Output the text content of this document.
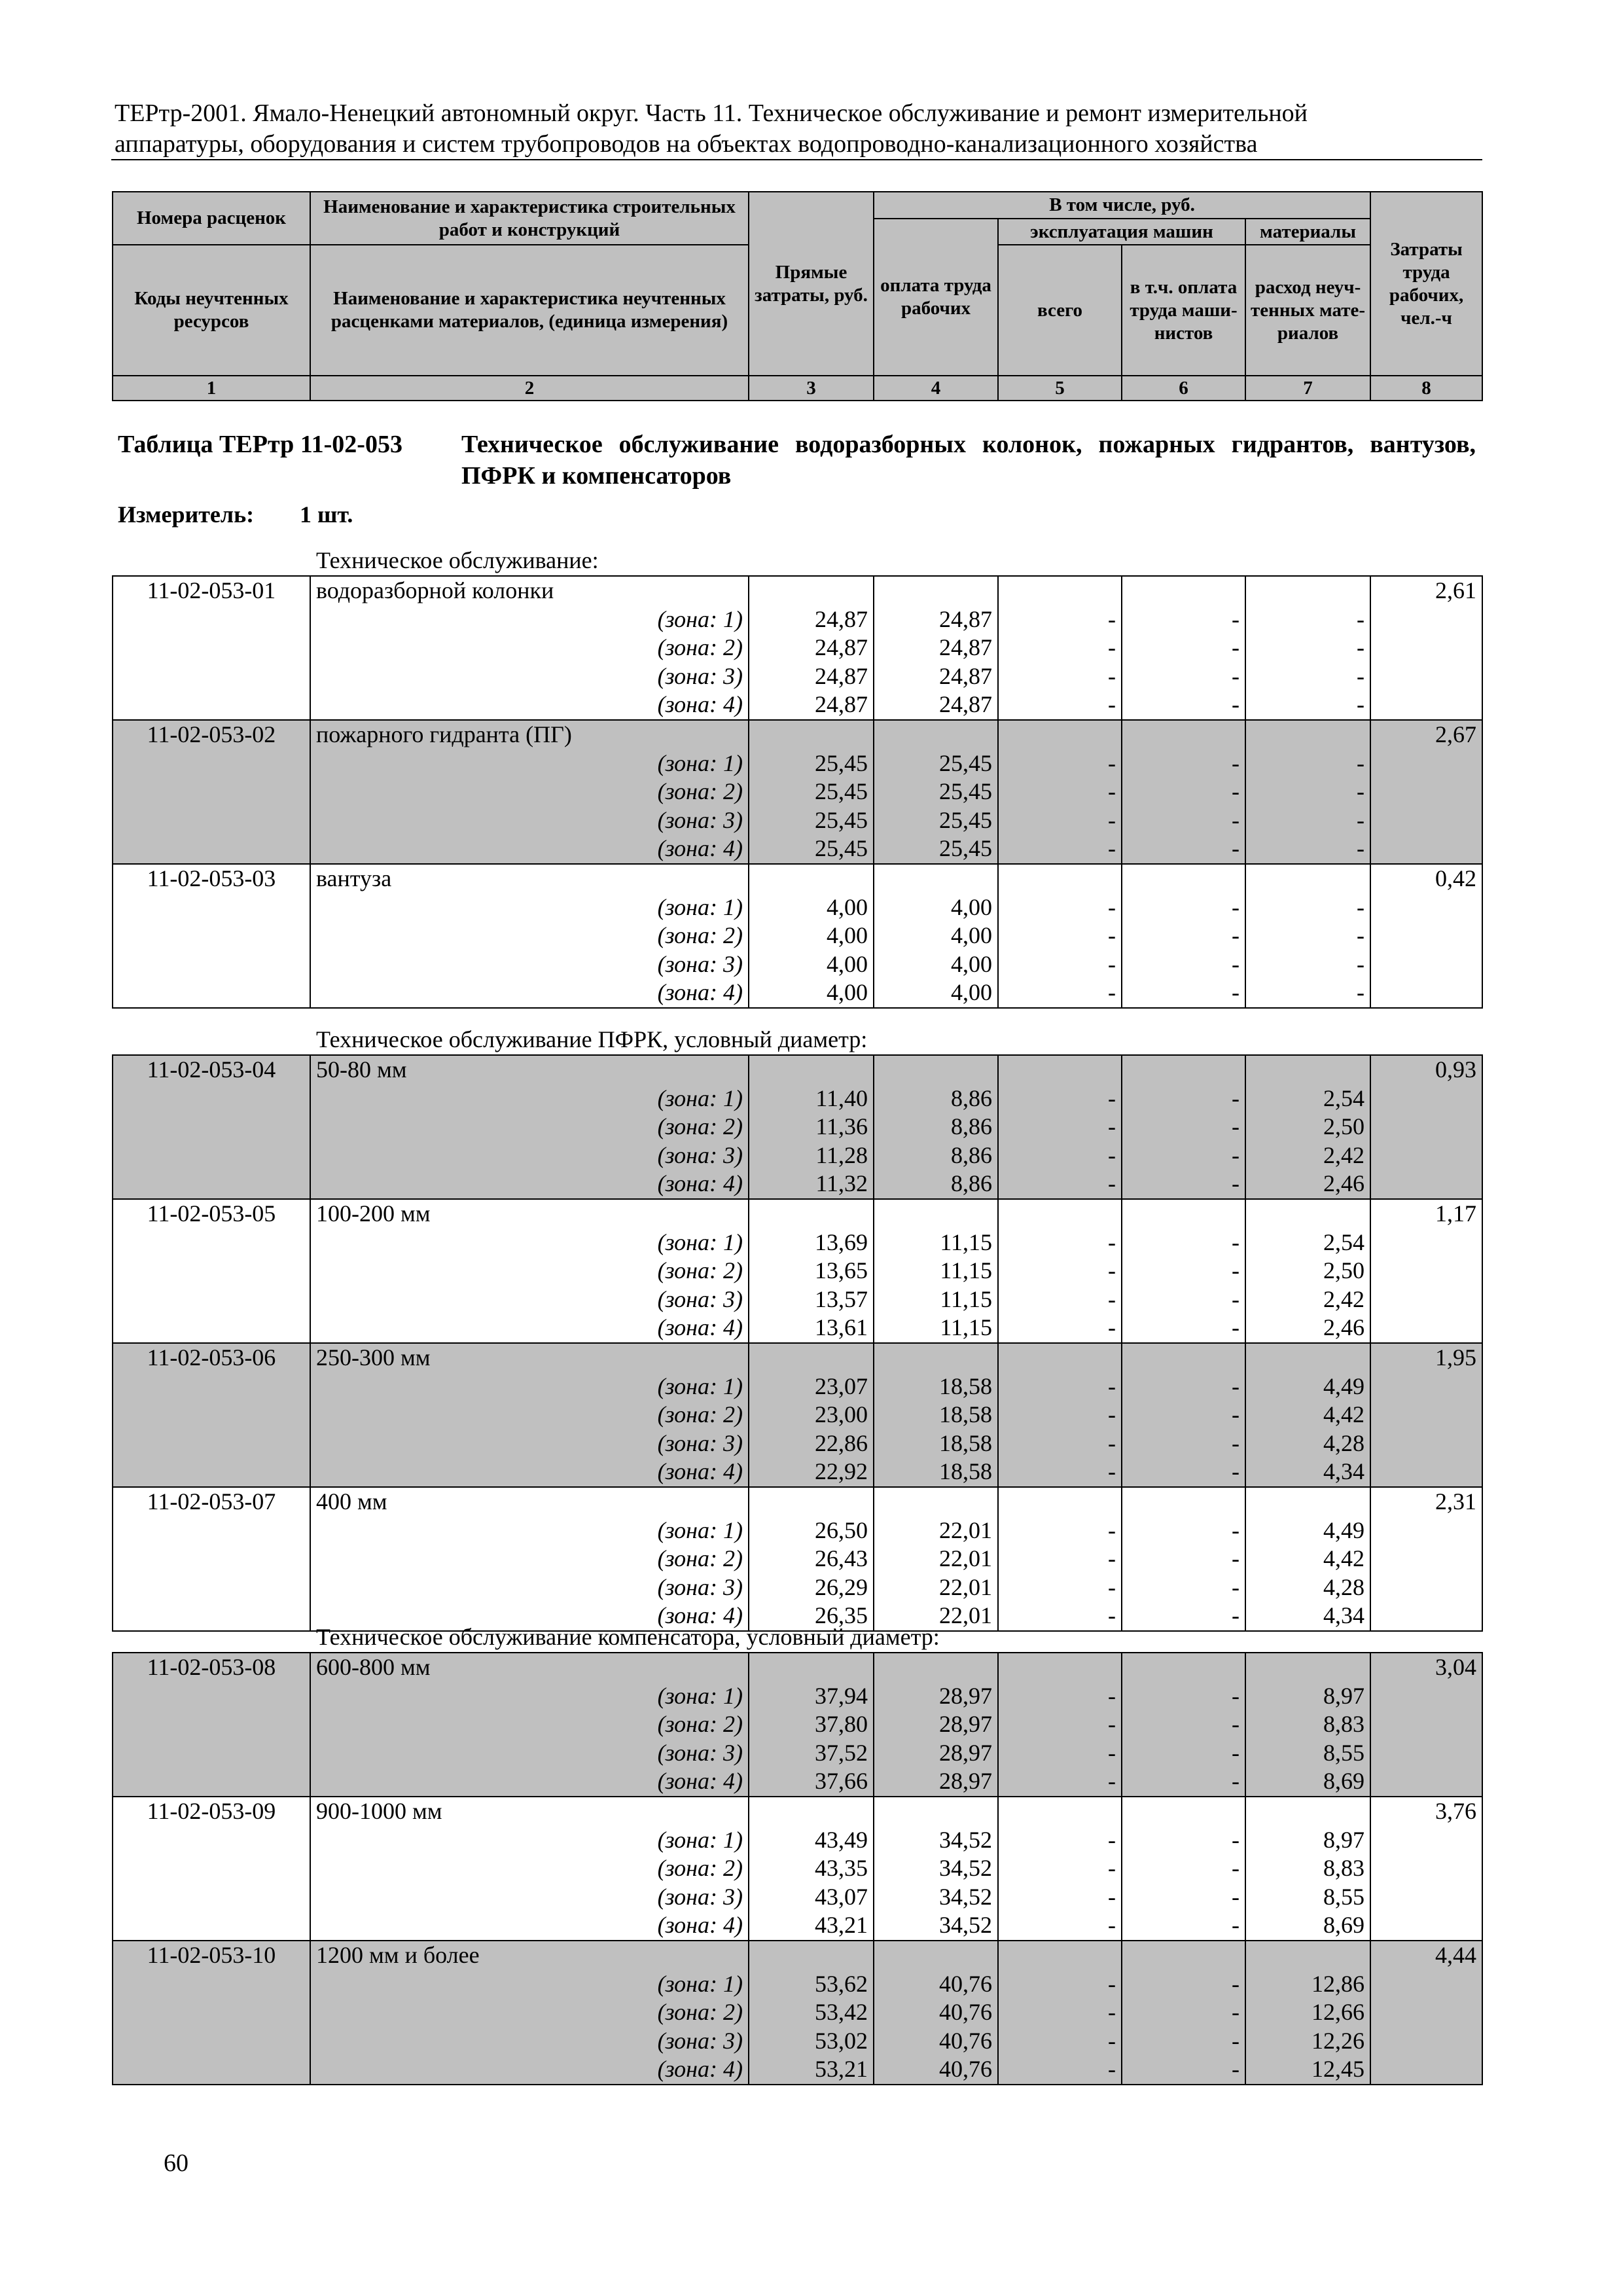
ТЕРтр-2001. Ямало-Ненецкий автономный округ. Часть 11. Техническое обслуживание и ремонт измерительной
аппаратуры, оборудования и систем трубопроводов на объектах водопроводно-канализационного хозяйства
Номера расценок	Наименование и характеристика строительных работ и конструкций	Прямые затраты, руб.	В том числе, руб.				Затраты труда рабочих, чел.-ч
			оплата труда рабочих	эксплуатация машин		материалы	
Коды неучтенных ресурсов	Наименование и характеристика неучтенных расценками материалов, (единица измерения)			всего	в т.ч. оплата труда маши-нистов	расход неуч-тенных мате-риалов	

1	2	3	4	5	6	7	8
Таблица ТЕРтр 11-02-053 Техническое обслуживание водоразборных колонок, пожарных гидрантов, вантузов, ПФРК и компенсаторов
Измеритель: 1 шт.
Техническое обслуживание:
11-02-053-01	водоразборной колонки						2,61
	(зона: 1)	24,87	24,87	-	-	-	
	(зона: 2)	24,87	24,87	-	-	-	
	(зона: 3)	24,87	24,87	-	-	-	
	(зона: 4)	24,87	24,87	-	-	-	
11-02-053-02	пожарного гидранта (ПГ)						2,67
	(зона: 1)	25,45	25,45	-	-	-	
	(зона: 2)	25,45	25,45	-	-	-	
	(зона: 3)	25,45	25,45	-	-	-	
	(зона: 4)	25,45	25,45	-	-	-	
11-02-053-03	вантуза						0,42
	(зона: 1)	4,00	4,00	-	-	-	
	(зона: 2)	4,00	4,00	-	-	-	
	(зона: 3)	4,00	4,00	-	-	-	
	(зона: 4)	4,00	4,00	-	-	-	
Техническое обслуживание ПФРК, условный диаметр:
11-02-053-04	50-80 мм						0,93
	(зона: 1)	11,40	8,86	-	-	2,54	
	(зона: 2)	11,36	8,86	-	-	2,50	
	(зона: 3)	11,28	8,86	-	-	2,42	
	(зона: 4)	11,32	8,86	-	-	2,46	
11-02-053-05	100-200 мм						1,17
	(зона: 1)	13,69	11,15	-	-	2,54	
	(зона: 2)	13,65	11,15	-	-	2,50	
	(зона: 3)	13,57	11,15	-	-	2,42	
	(зона: 4)	13,61	11,15	-	-	2,46	
11-02-053-06	250-300 мм						1,95
	(зона: 1)	23,07	18,58	-	-	4,49	
	(зона: 2)	23,00	18,58	-	-	4,42	
	(зона: 3)	22,86	18,58	-	-	4,28	
	(зона: 4)	22,92	18,58	-	-	4,34	
11-02-053-07	400 мм						2,31
	(зона: 1)	26,50	22,01	-	-	4,49	
	(зона: 2)	26,43	22,01	-	-	4,42	
	(зона: 3)	26,29	22,01	-	-	4,28	
	(зона: 4)	26,35	22,01	-	-	4,34	
Техническое обслуживание компенсатора, условный диаметр:
11-02-053-08	600-800 мм						3,04
	(зона: 1)	37,94	28,97	-	-	8,97	
	(зона: 2)	37,80	28,97	-	-	8,83	
	(зона: 3)	37,52	28,97	-	-	8,55	
	(зона: 4)	37,66	28,97	-	-	8,69	
11-02-053-09	900-1000 мм						3,76
	(зона: 1)	43,49	34,52	-	-	8,97	
	(зона: 2)	43,35	34,52	-	-	8,83	
	(зона: 3)	43,07	34,52	-	-	8,55	
	(зона: 4)	43,21	34,52	-	-	8,69	
11-02-053-10	1200 мм и более						4,44
	(зона: 1)	53,62	40,76	-	-	12,86	
	(зона: 2)	53,42	40,76	-	-	12,66	
	(зона: 3)	53,02	40,76	-	-	12,26	
	(зона: 4)	53,21	40,76	-	-	12,45	
60
